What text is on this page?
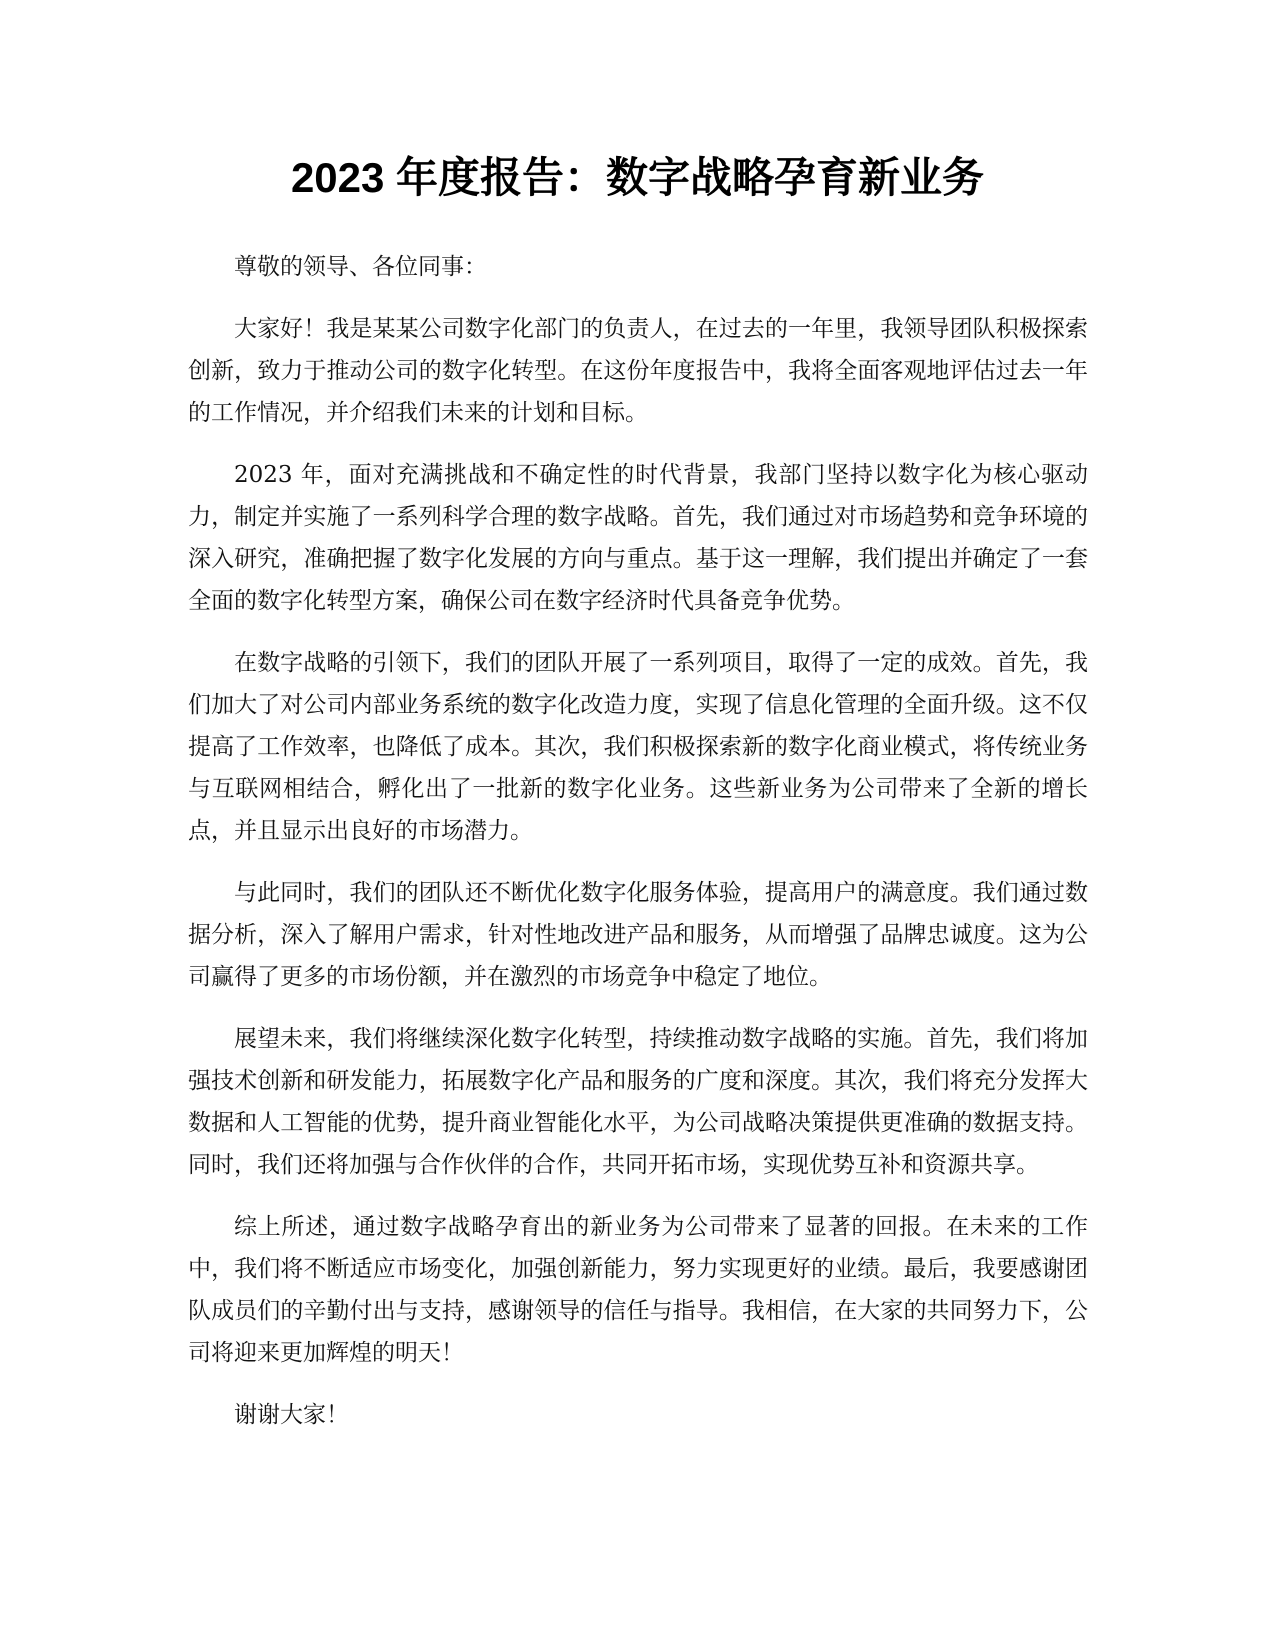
2023 年度报告：数字战略孕育新业务

尊敬的领导、各位同事：

大家好！我是某某公司数字化部门的负责人，在过去的一年里，我领导团队积极探索创新，致力于推动公司的数字化转型。在这份年度报告中，我将全面客观地评估过去一年的工作情况，并介绍我们未来的计划和目标。

2023 年，面对充满挑战和不确定性的时代背景，我部门坚持以数字化为核心驱动力，制定并实施了一系列科学合理的数字战略。首先，我们通过对市场趋势和竞争环境的深入研究，准确把握了数字化发展的方向与重点。基于这一理解，我们提出并确定了一套全面的数字化转型方案，确保公司在数字经济时代具备竞争优势。

在数字战略的引领下，我们的团队开展了一系列项目，取得了一定的成效。首先，我们加大了对公司内部业务系统的数字化改造力度，实现了信息化管理的全面升级。这不仅提高了工作效率，也降低了成本。其次，我们积极探索新的数字化商业模式，将传统业务与互联网相结合，孵化出了一批新的数字化业务。这些新业务为公司带来了全新的增长点，并且显示出良好的市场潜力。

与此同时，我们的团队还不断优化数字化服务体验，提高用户的满意度。我们通过数据分析，深入了解用户需求，针对性地改进产品和服务，从而增强了品牌忠诚度。这为公司赢得了更多的市场份额，并在激烈的市场竞争中稳定了地位。

展望未来，我们将继续深化数字化转型，持续推动数字战略的实施。首先，我们将加强技术创新和研发能力，拓展数字化产品和服务的广度和深度。其次，我们将充分发挥大数据和人工智能的优势，提升商业智能化水平，为公司战略决策提供更准确的数据支持。同时，我们还将加强与合作伙伴的合作，共同开拓市场，实现优势互补和资源共享。

综上所述，通过数字战略孕育出的新业务为公司带来了显著的回报。在未来的工作中，我们将不断适应市场变化，加强创新能力，努力实现更好的业绩。最后，我要感谢团队成员们的辛勤付出与支持，感谢领导的信任与指导。我相信，在大家的共同努力下，公司将迎来更加辉煌的明天！

谢谢大家！
